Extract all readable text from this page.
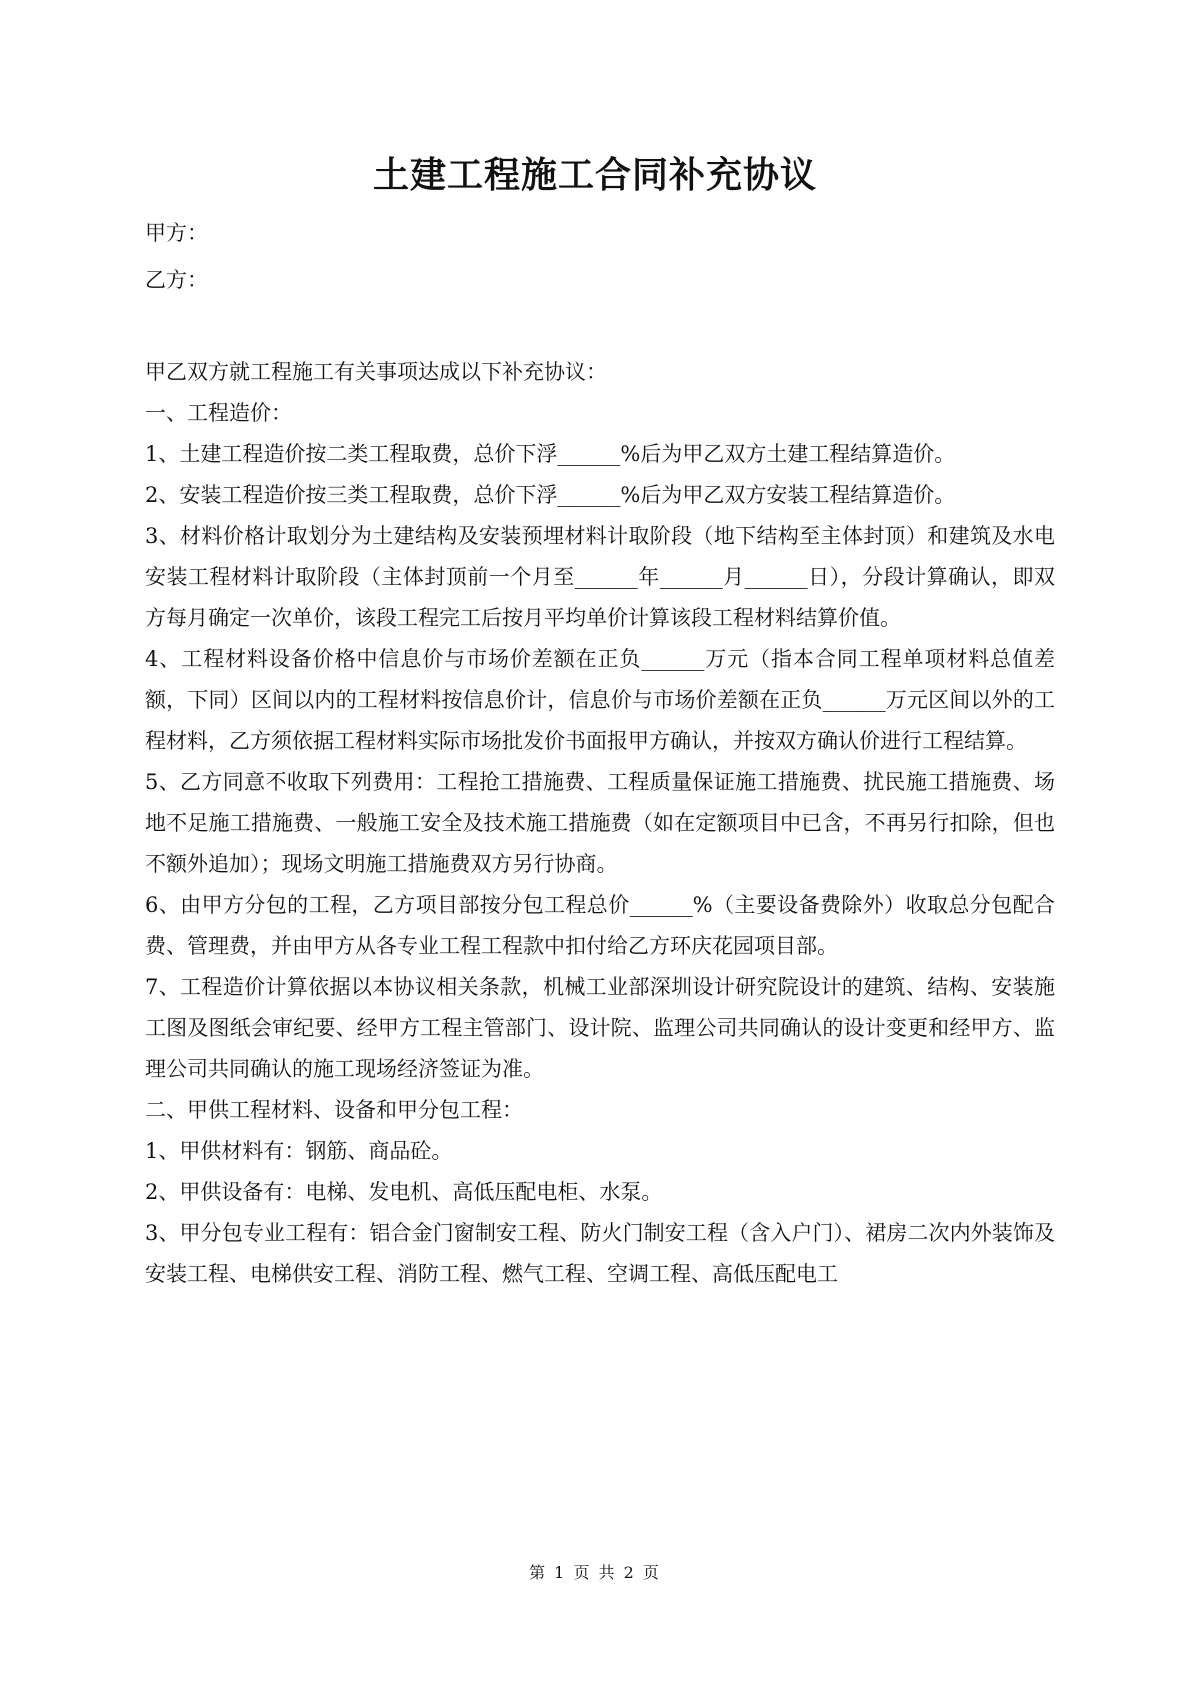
土建工程施工合同补充协议
甲方：
乙方：
甲乙双方就工程施工有关事项达成以下补充协议：
一、工程造价：
1、土建工程造价按二类工程取费，总价下浮______%后为甲乙双方土建工程结算造价。
2、安装工程造价按三类工程取费，总价下浮______%后为甲乙双方安装工程结算造价。
3、材料价格计取划分为土建结构及安装预埋材料计取阶段（地下结构至主体封顶）和建筑及水电安装工程材料计取阶段（主体封顶前一个月至______年______月______日），分段计算确认，即双方每月确定一次单价，该段工程完工后按月平均单价计算该段工程材料结算价值。
4、工程材料设备价格中信息价与市场价差额在正负______万元（指本合同工程单项材料总值差额，下同）区间以内的工程材料按信息价计，信息价与市场价差额在正负______万元区间以外的工程材料，乙方须依据工程材料实际市场批发价书面报甲方确认，并按双方确认价进行工程结算。
5、乙方同意不收取下列费用：工程抢工措施费、工程质量保证施工措施费、扰民施工措施费、场地不足施工措施费、一般施工安全及技术施工措施费（如在定额项目中已含，不再另行扣除，但也不额外追加）；现场文明施工措施费双方另行协商。
6、由甲方分包的工程，乙方项目部按分包工程总价______%（主要设备费除外）收取总分包配合费、管理费，并由甲方从各专业工程工程款中扣付给乙方环庆花园项目部。
7、工程造价计算依据以本协议相关条款，机械工业部深圳设计研究院设计的建筑、结构、安装施工图及图纸会审纪要、经甲方工程主管部门、设计院、监理公司共同确认的设计变更和经甲方、监理公司共同确认的施工现场经济签证为准。
二、甲供工程材料、设备和甲分包工程：
1、甲供材料有：钢筋、商品砼。
2、甲供设备有：电梯、发电机、高低压配电柜、水泵。
3、甲分包专业工程有：铝合金门窗制安工程、防火门制安工程（含入户门）、裙房二次内外装饰及安装工程、电梯供安工程、消防工程、燃气工程、空调工程、高低压配电工
第 1 页 共 2 页
